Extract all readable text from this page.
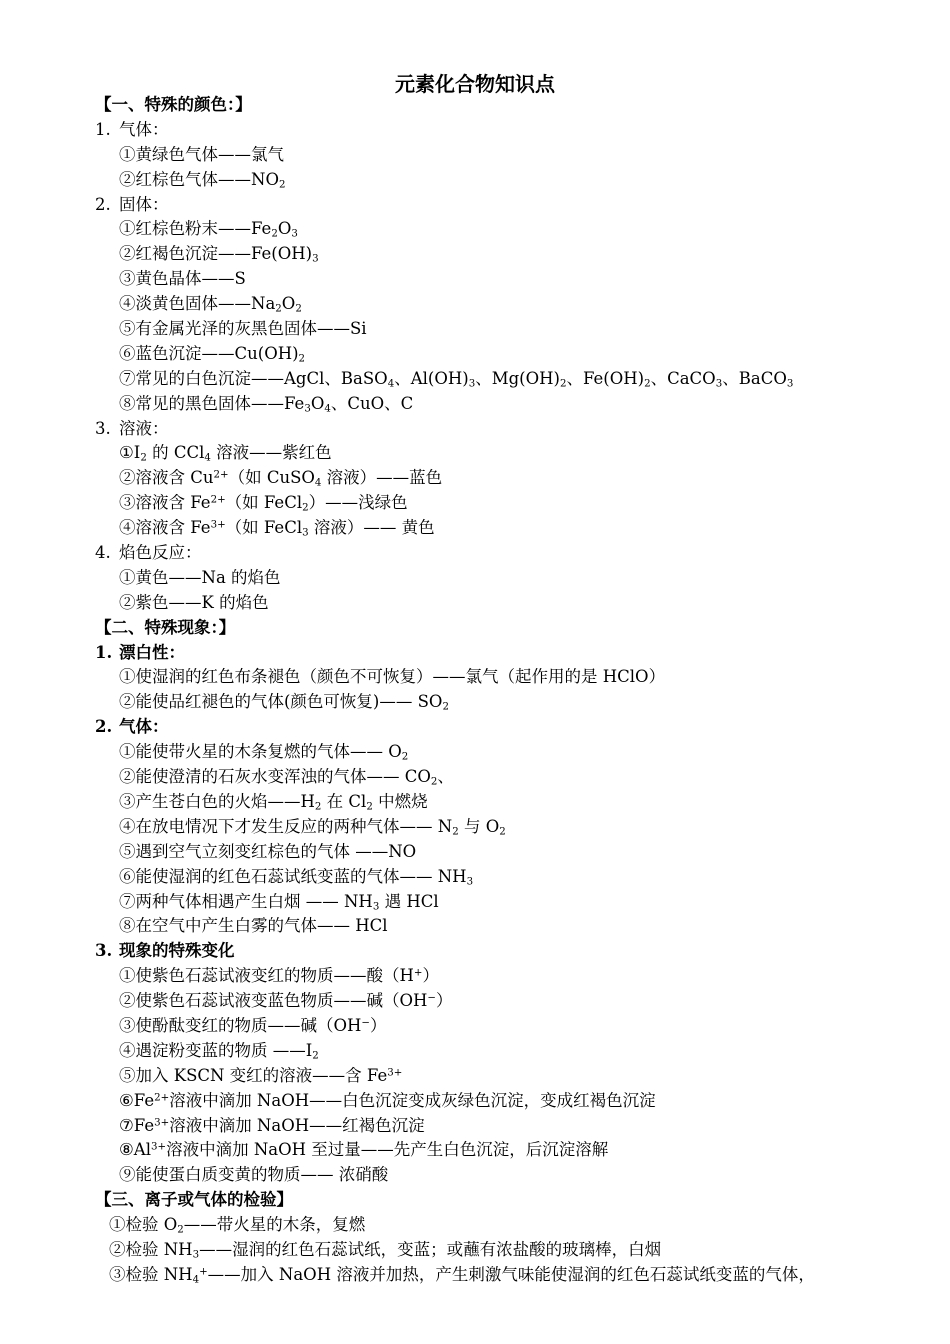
元素化合物知识点
【一、特殊的颜色：】
1. 气体：
①黄绿色气体——氯气
②红棕色气体$——NO_2$
2. 固体：
①红棕色粉末$——Fe_2O_3$
②红褐色沉淀$——Fe(OH)_3$
③黄色晶体——S
④淡黄色固体$——Na_2O_2$
⑤有金属光泽的灰黑色固体——Si
⑥蓝色沉淀$——Cu(OH)_2$
⑦常见的白色沉淀——AgCl、BaSO$_4$、$Al(OH)_3$、$Mg(OH)_2$、$Fe(OH)_2$、CaCO$_3$、BaCO$_3$
⑧常见的黑色固体$——Fe_3O_4$、CuO、C
3. 溶液：
$①I_2$ 的 CCl$_4$ 溶液——紫红色
②溶液含 $Cu^{2+}$（如 CuSO$_4$ 溶液）——蓝色
③溶液含 $Fe^{2+}$（如 FeCl$_2$）——浅绿色
④溶液含 $Fe^{3+}$（如 FeCl$_3$ 溶液）—— 黄色
4. 焰色反应：
①黄色——Na 的焰色
②紫色——K 的焰色
【二、特殊现象：】
1. 漂白性：
①使湿润的红色布条褪色（颜色不可恢复）——氯气（起作用的是 HClO）
②能使品红褪色的气体(颜色可恢复)—— $SO_2$
2. 气体：
①能使带火星的木条复燃的气体—— $O_2$
②能使澄清的石灰水变浑浊的气体—— $CO_2$、
③产生苍白色的火焰$——H_2$ 在 $Cl_2$ 中燃烧
④在放电情况下才发生反应的两种气体—— $N_2$ 与 $O_2$
⑤遇到空气立刻变红棕色的气体 ——NO
⑥能使湿润的红色石蕊试纸变蓝的气体—— $NH_3$
⑦两种气体相遇产生白烟 —— $NH_3$ 遇 HCl
⑧在空气中产生白雾的气体—— HCl
3. 现象的特殊变化
①使紫色石蕊试液变红的物质——酸（H+）
②使紫色石蕊试液变蓝色物质——碱（OH−）
③使酚酞变红的物质——碱（OH−）
④遇淀粉变蓝的物质 $——I_2$
⑤加入 KSCN 变红的溶液——含 $Fe^{3+}$
$⑥Fe^{2+}$溶液中滴加 NaOH——白色沉淀变成灰绿色沉淀，变成红褐色沉淀
$⑦Fe^{3+}$溶液中滴加 NaOH——红褐色沉淀
$⑧Al^{3+}$溶液中滴加 NaOH 至过量——先产生白色沉淀，后沉淀溶解
⑨能使蛋白质变黄的物质—— 浓硝酸
【三、离子或气体的检验】
①检验 $O_2——$带火星的木条，复燃
②检验 $NH_3——$湿润的红色石蕊试纸，变蓝；或蘸有浓盐酸的玻璃棒，白烟
③检验 $NH_4^+——$加入 NaOH 溶液并加热，产生刺激气味能使湿润的红色石蕊试纸变蓝的气体，
